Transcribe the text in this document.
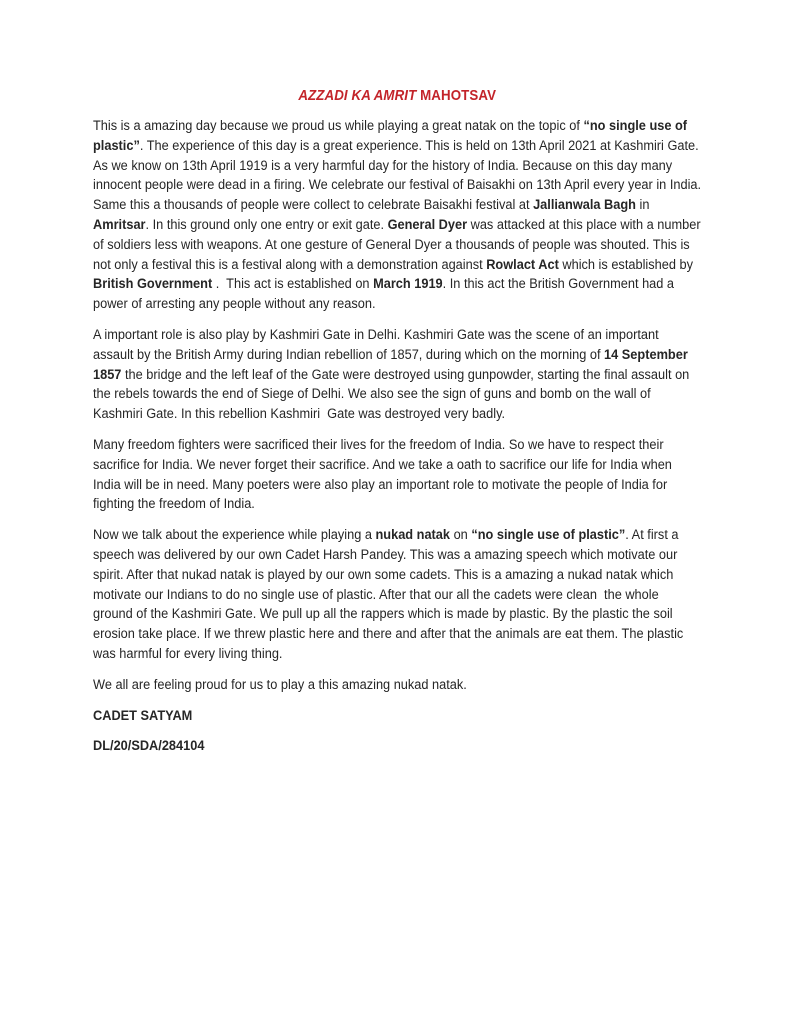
AZZADI KA AMRIT MAHOTSAV

This is a amazing day because we proud us while playing a great natak on the topic of “no single use of plastic”. The experience of this day is a great experience. This is held on 13th April 2021 at Kashmiri Gate. As we know on 13th April 1919 is a very harmful day for the history of India. Because on this day many innocent people were dead in a firing. We celebrate our festival of Baisakhi on 13th April every year in India. Same this a thousands of people were collect to celebrate Baisakhi festival at Jallianwala Bagh in Amritsar. In this ground only one entry or exit gate. General Dyer was attacked at this place with a number of soldiers less with weapons. At one gesture of General Dyer a thousands of people was shouted. This is not only a festival this is a festival along with a demonstration against Rowlact Act which is established by British Government .  This act is established on March 1919. In this act the British Government had a power of arresting any people without any reason.

A important role is also play by Kashmiri Gate in Delhi. Kashmiri Gate was the scene of an important assault by the British Army during Indian rebellion of 1857, during which on the morning of 14 September 1857 the bridge and the left leaf of the Gate were destroyed using gunpowder, starting the final assault on the rebels towards the end of Siege of Delhi. We also see the sign of guns and bomb on the wall of Kashmiri Gate. In this rebellion Kashmiri  Gate was destroyed very badly.

Many freedom fighters were sacrificed their lives for the freedom of India. So we have to respect their sacrifice for India. We never forget their sacrifice. And we take a oath to sacrifice our life for India when India will be in need. Many poeters were also play an important role to motivate the people of India for fighting the freedom of India.

Now we talk about the experience while playing a nukad natak on “no single use of plastic”. At first a speech was delivered by our own Cadet Harsh Pandey. This was a amazing speech which motivate our spirit. After that nukad natak is played by our own some cadets. This is a amazing a nukad natak which motivate our Indians to do no single use of plastic. After that our all the cadets were clean  the whole ground of the Kashmiri Gate. We pull up all the rappers which is made by plastic. By the plastic the soil erosion take place. If we threw plastic here and there and after that the animals are eat them. The plastic was harmful for every living thing.

We all are feeling proud for us to play a this amazing nukad natak.

CADET SATYAM

DL/20/SDA/284104
